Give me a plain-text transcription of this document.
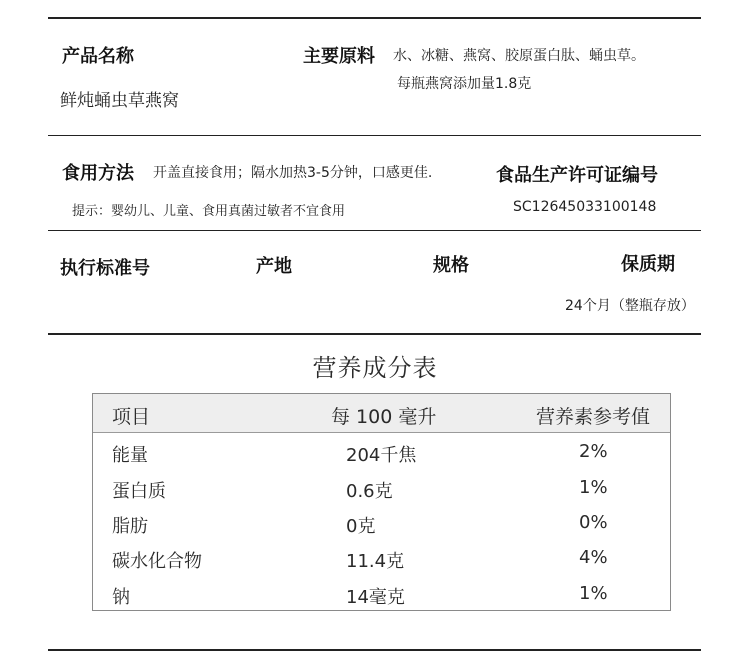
产品名称
鲜炖蛹虫草燕窝
主要原料 水、冰糖、燕窝、胶原蛋白肽、蛹虫草。
每瓶燕窝添加量1.8克
食用方法 开盖直接食用；隔水加热3-5分钟，口感更佳.
提示：婴幼儿、儿童、食用真菌过敏者不宜食用
食品生产许可证编号
SC12645033100148
执行标准号	产地	规格	保质期
24个月（整瓶存放）
营养成分表
项目	每 100 毫升	营养素参考值
能量	204千焦	2%
蛋白质	0.6克	1%
脂肪	0克	0%
碳水化合物	11.4克	4%
钠	14毫克	1%
